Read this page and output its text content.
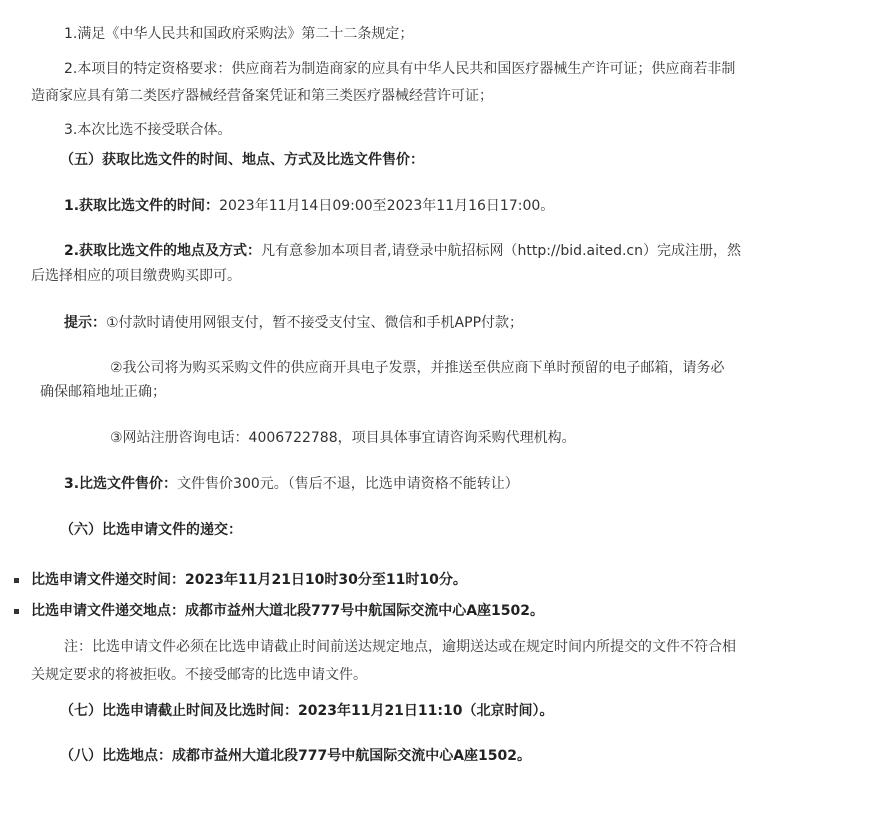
1.满足《中华人民共和国政府采购法》第二十二条规定；
2.本项目的特定资格要求：供应商若为制造商家的应具有中华人民共和国医疗器械生产许可证；供应商若非制
造商家应具有第二类医疗器械经营备案凭证和第三类医疗器械经营许可证；
3.本次比选不接受联合体。
（五）获取比选文件的时间、地点、方式及比选文件售价：
1.获取比选文件的时间：2023年11月14日09:00至2023年11月16日17:00。
2.获取比选文件的地点及方式：凡有意参加本项目者,请登录中航招标网（http://bid.aited.cn）完成注册，然
后选择相应的项目缴费购买即可。
提示：①付款时请使用网银支付，暂不接受支付宝、微信和手机APP付款；
②我公司将为购买采购文件的供应商开具电子发票，并推送至供应商下单时预留的电子邮箱，请务必
确保邮箱地址正确；
③网站注册咨询电话：4006722788，项目具体事宜请咨询采购代理机构。
3.比选文件售价：文件售价300元。（售后不退，比选申请资格不能转让）
（六）比选申请文件的递交：
比选申请文件递交时间：2023年11月21日10时30分至11时10分。
比选申请文件递交地点：成都市益州大道北段777号中航国际交流中心A座1502。
注：比选申请文件必须在比选申请截止时间前送达规定地点，逾期送达或在规定时间内所提交的文件不符合相
关规定要求的将被拒收。不接受邮寄的比选申请文件。
（七）比选申请截止时间及比选时间：2023年11月21日11:10（北京时间）。
（八）比选地点：成都市益州大道北段777号中航国际交流中心A座1502。
